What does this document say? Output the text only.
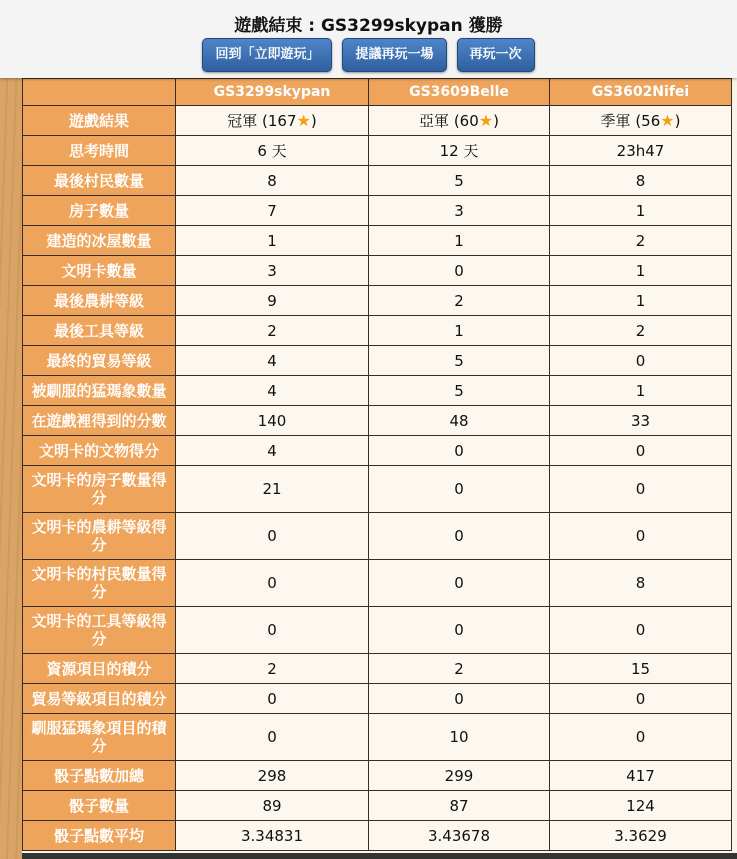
遊戲結束 : GS3299skypan 獲勝
回到「立即遊玩」	提議再玩一場	再玩一次
	GS3299skypan	GS3609Belle	GS3602Nifei
遊戲結果	冠軍 (167★)	亞軍 (60★)	季軍 (56★)
思考時間	6 天	12 天	23h47
最後村民數量	8	5	8
房子數量	7	3	1
建造的冰屋數量	1	1	2
文明卡數量	3	0	1
最後農耕等級	9	2	1
最後工具等級	2	1	2
最終的貿易等級	4	5	0
被馴服的猛瑪象數量	4	5	1
在遊戲裡得到的分數	140	48	33
文明卡的文物得分	4	0	0
文明卡的房子數量得分	21	0	0
文明卡的農耕等級得分	0	0	0
文明卡的村民數量得分	0	0	8
文明卡的工具等級得分	0	0	0
資源項目的積分	2	2	15
貿易等級項目的積分	0	0	0
馴服猛瑪象項目的積分	0	10	0
骰子點數加總	298	299	417
骰子數量	89	87	124
骰子點數平均	3.34831	3.43678	3.3629
